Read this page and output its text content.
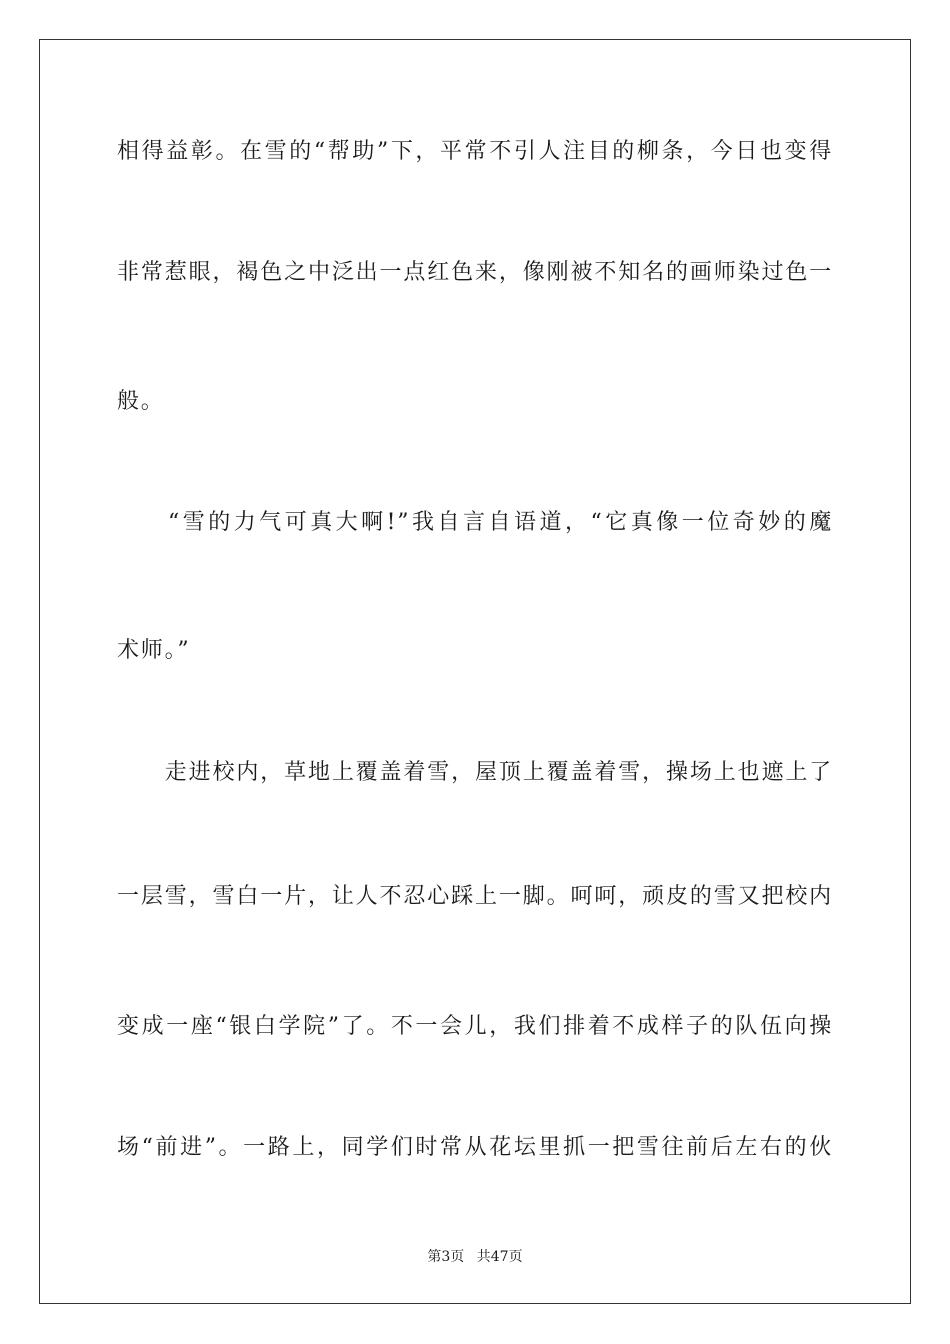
相得益彰。在雪的“帮助”下，平常不引人注目的柳条，今日也变得
非常惹眼，褐色之中泛出一点红色来，像刚被不知名的画师染过色一
般。
　　“雪的力气可真大啊!”我自言自语道，“它真像一位奇妙的魔
术师。”
　　走进校内，草地上覆盖着雪，屋顶上覆盖着雪，操场上也遮上了
一层雪，雪白一片，让人不忍心踩上一脚。呵呵，顽皮的雪又把校内
变成一座“银白学院”了。不一会儿，我们排着不成样子的队伍向操
场“前进”。一路上，同学们时常从花坛里抓一把雪往前后左右的伙
第3页 共47页
